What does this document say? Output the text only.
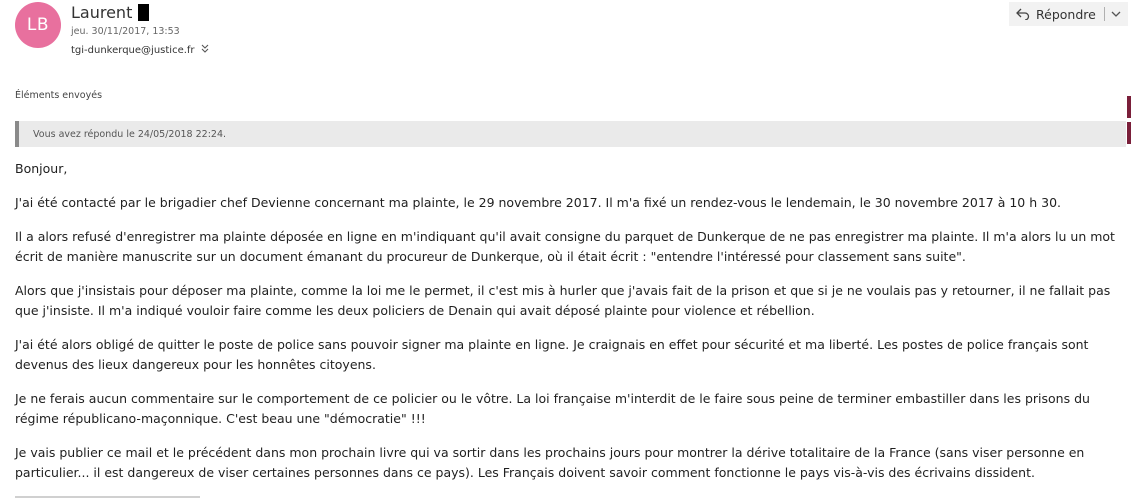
LB
Laurent
jeu. 30/11/2017, 13:53
tgi-dunkerque@justice.fr
Répondre
Éléments envoyés
Vous avez répondu le 24/05/2018 22:24.

Bonjour,

J'ai été contacté par le brigadier chef Devienne concernant ma plainte, le 29 novembre 2017. Il m'a fixé un rendez-vous le lendemain, le 30 novembre 2017 à 10 h 30.

Il a alors refusé d'enregistrer ma plainte déposée en ligne en m'indiquant qu'il avait consigne du parquet de Dunkerque de ne pas enregistrer ma plainte. Il m'a alors lu un mot écrit de manière manuscrite sur un document émanant du procureur de Dunkerque, où il était écrit : "entendre l'intéressé pour classement sans suite".

Alors que j'insistais pour déposer ma plainte, comme la loi me le permet, il c'est mis à hurler que j'avais fait de la prison et que si je ne voulais pas y retourner, il ne fallait pas que j'insiste. Il m'a indiqué vouloir faire comme les deux policiers de Denain qui avait déposé plainte pour violence et rébellion.

J'ai été alors obligé de quitter le poste de police sans pouvoir signer ma plainte en ligne. Je craignais en effet pour sécurité et ma liberté. Les postes de police français sont devenus des lieux dangereux pour les honnêtes citoyens.

Je ne ferais aucun commentaire sur le comportement de ce policier ou le vôtre. La loi française m'interdit de le faire sous peine de terminer embastiller dans les prisons du régime républicano-maçonnique. C'est beau une "démocratie" !!!

Je vais publier ce mail et le précédent dans mon prochain livre qui va sortir dans les prochains jours pour montrer la dérive totalitaire de la France (sans viser personne en particulier... il est dangereux de viser certaines personnes dans ce pays). Les Français doivent savoir comment fonctionne le pays vis-à-vis des écrivains dissident.
